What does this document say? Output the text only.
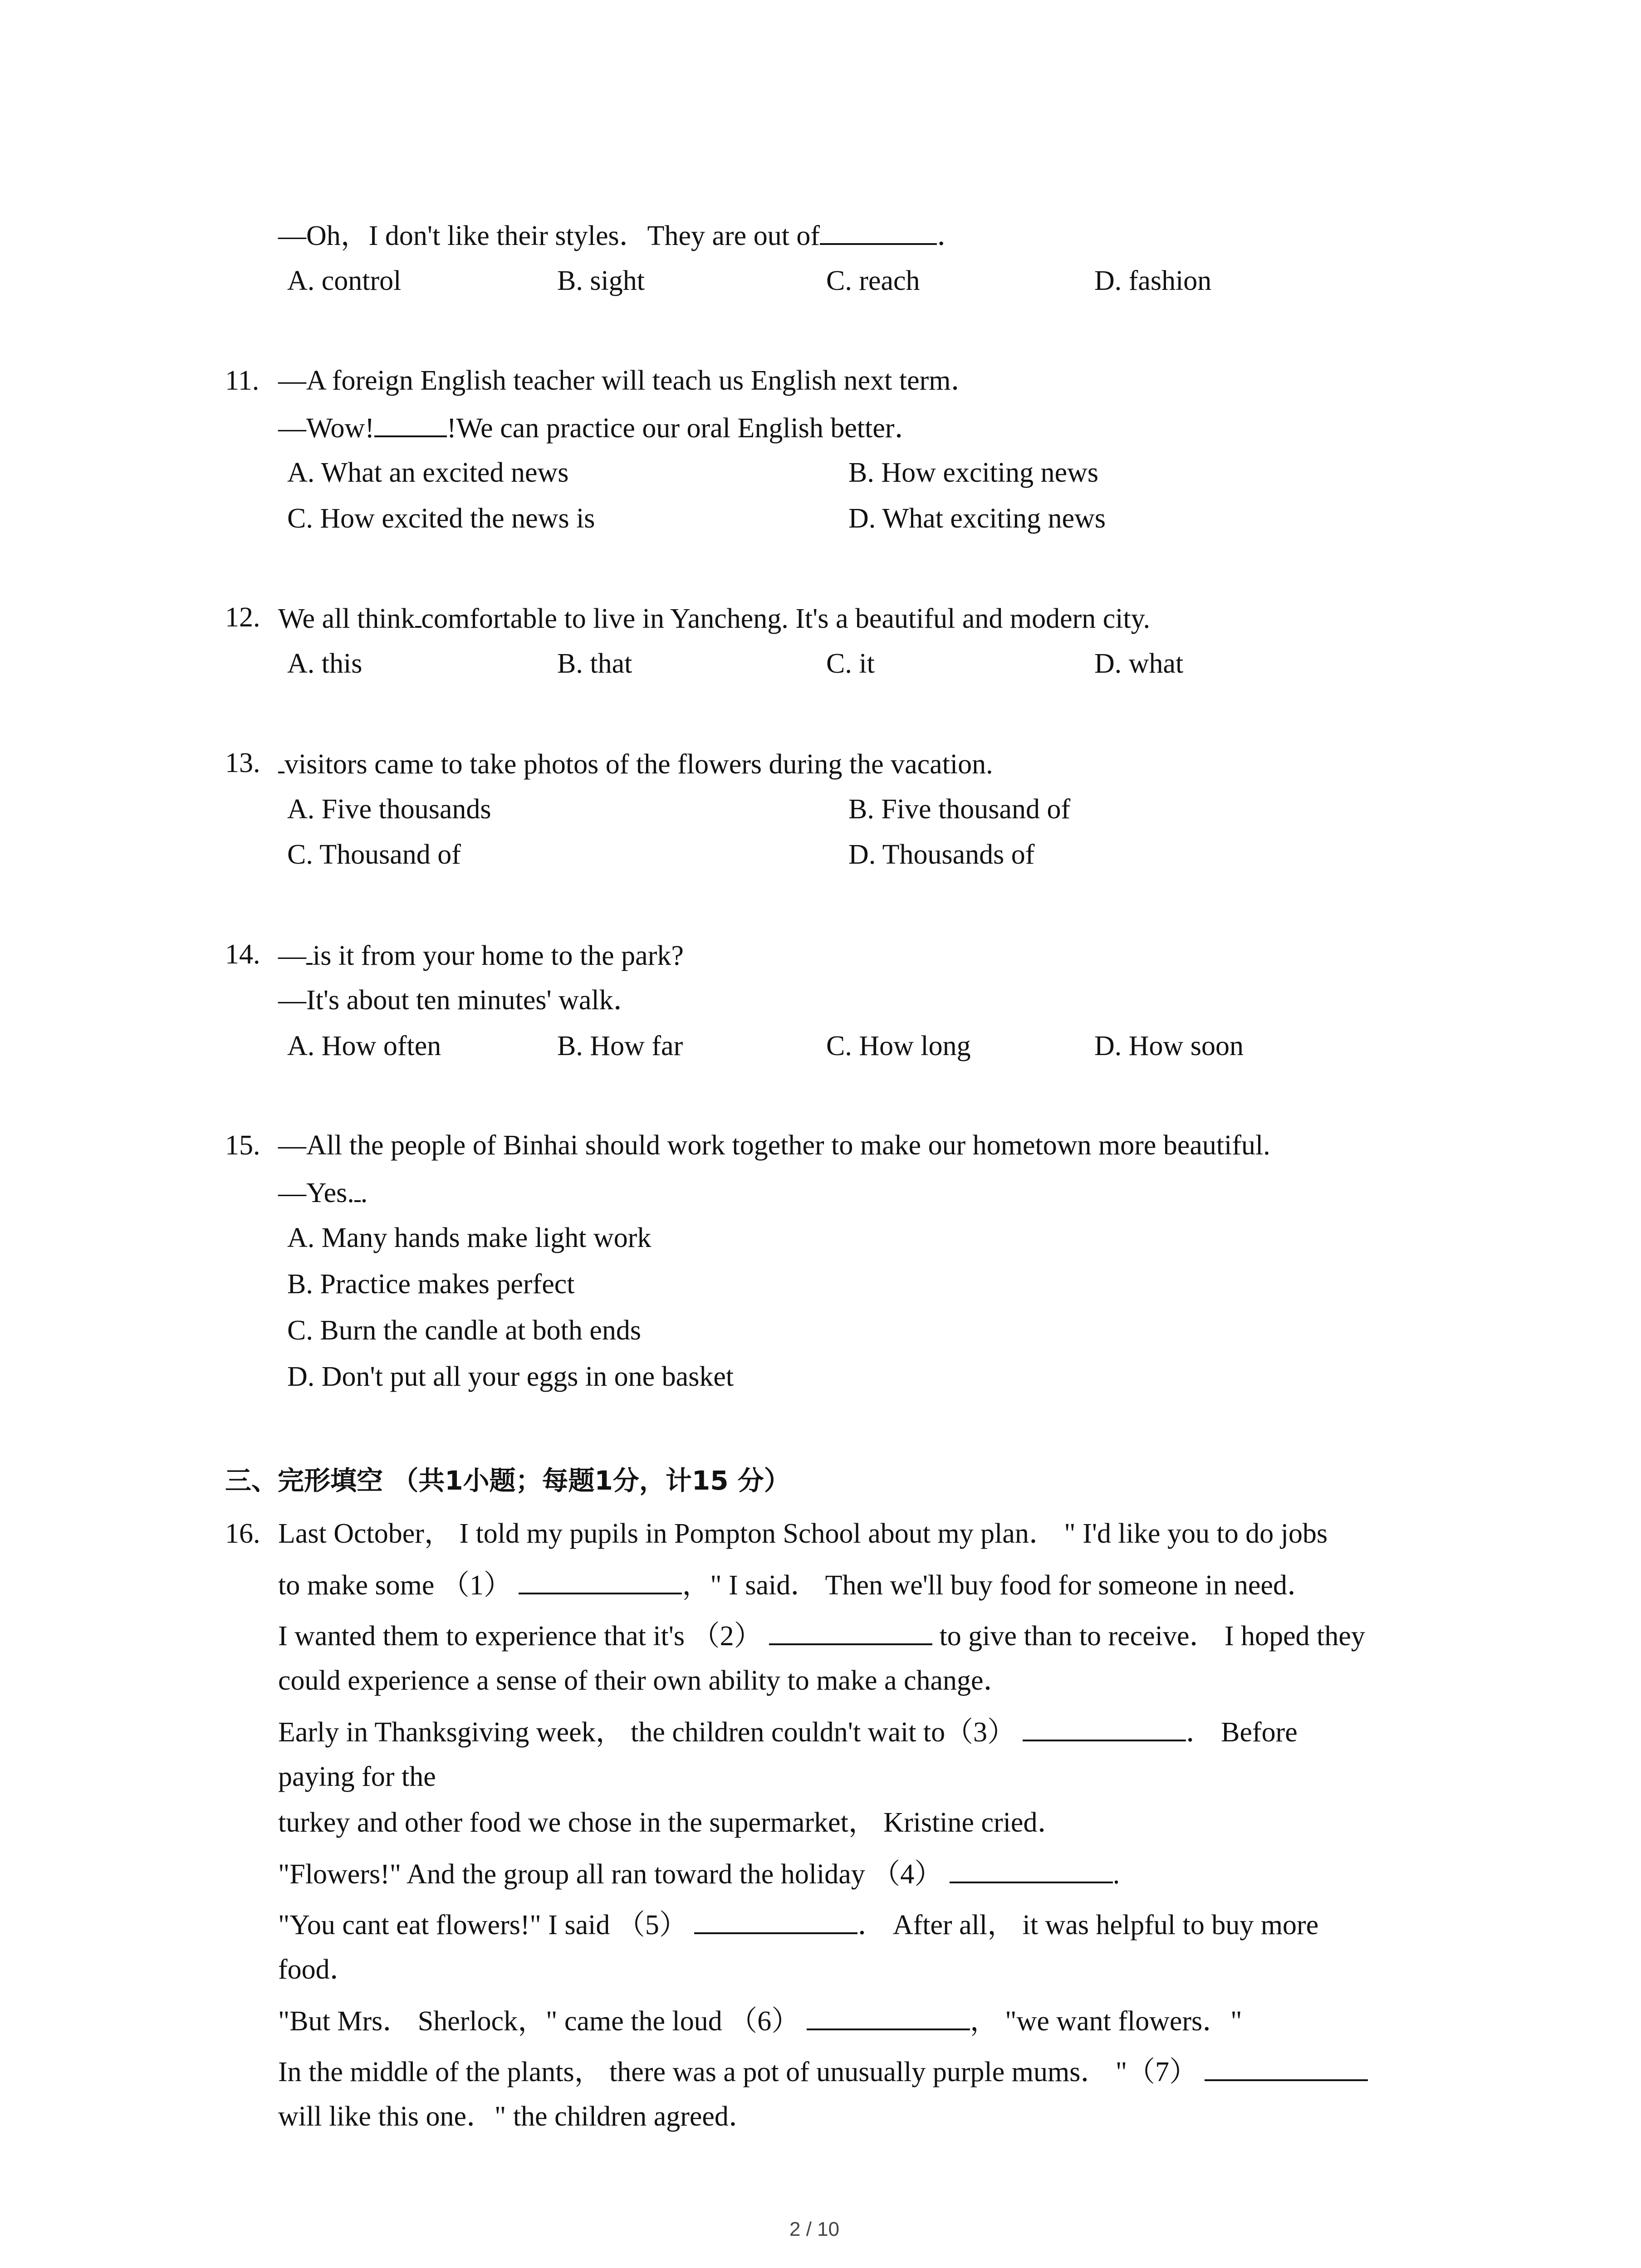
—Oh，I don't like their styles．They are out of	．
A. control	B. sight	C. reach	D. fashion
11. —A foreign English teacher will teach us English next term．
—Wow!	!We can practice our oral English better．
A. What an excited news	B. How exciting news
C. How excited the news is	D. What exciting news
12. We all think comfortable to live in Yancheng. It's a beautiful and modern city.
A. this	B. that	C. it	D. what
13. visitors came to take photos of the flowers during the vacation.
A. Five thousands	B. Five thousand of
C. Thousand of	D. Thousands of
14. — is it from your home to the park?
—It's about ten minutes' walk．
A. How often	B. How far	C. How long	D. How soon
15. —All the people of Binhai should work together to make our hometown more beautiful.
—Yes. .
A. Many hands make light work
B. Practice makes perfect
C. Burn the candle at both ends
D. Don't put all your eggs in one basket
三、完形填空 （共1小题；每题1分，计15 分）
16. Last October， I told my pupils in Pompton School about my plan． " I'd like you to do jobs
to make some （1）	，" I said． Then we'll buy food for someone in need．
I wanted them to experience that it's （2）	to give than to receive． I hoped they
could experience a sense of their own ability to make a change．
Early in Thanksgiving week， the children couldn't wait to（3）	． Before
paying for the
turkey and other food we chose in the supermarket， Kristine cried．
"Flowers!" And the group all ran toward the holiday （4）	.
"You cant eat flowers!" I said （5）	． After all， it was helpful to buy more
food．
"But Mrs． Sherlock，" came the loud （6）	， "we want flowers．"
In the middle of the plants， there was a pot of unusually purple mums． "（7）
will like this one．" the children agreed．
2 / 10
